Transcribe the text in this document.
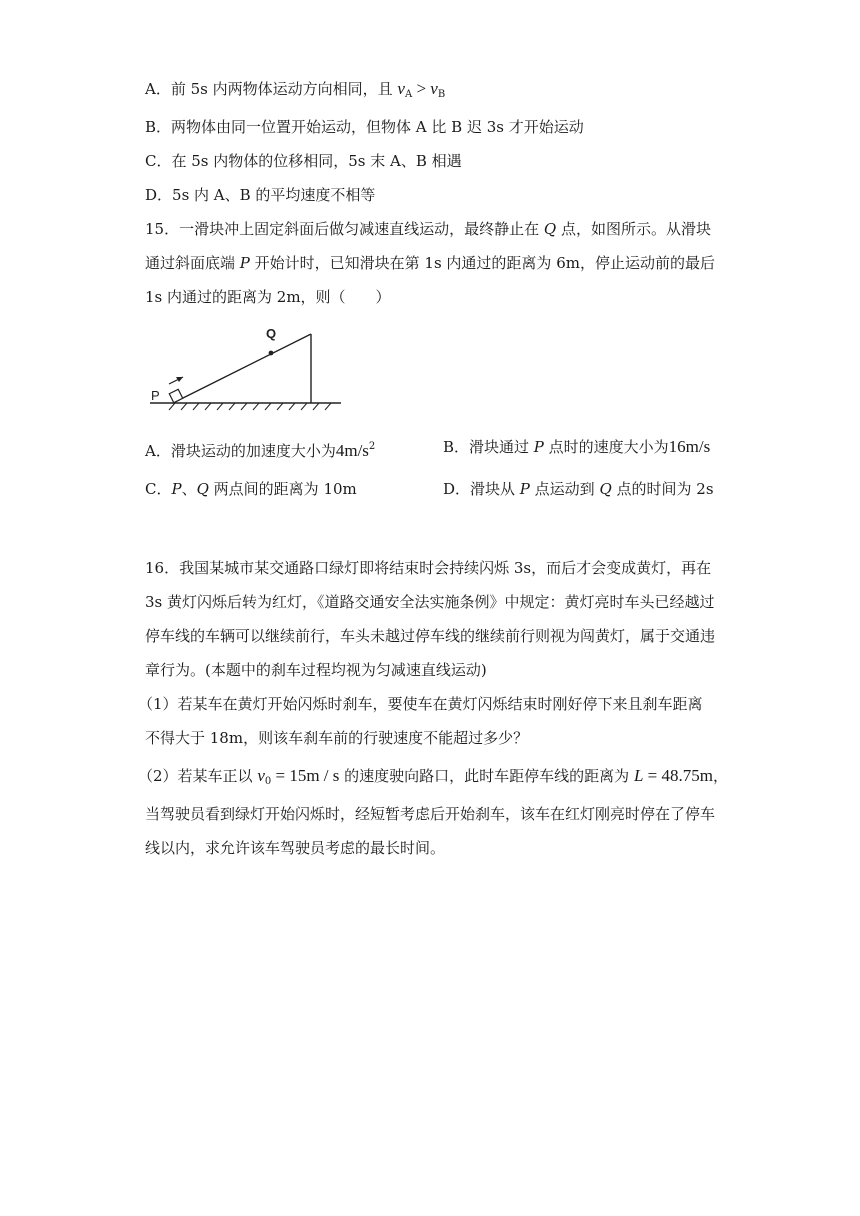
A．前 5s 内两物体运动方向相同，且 $v_A > v_B$
B．两物体由同一位置开始运动，但物体 A 比 B 迟 3s 才开始运动
C．在 5s 内物体的位移相同，5s 末 A、B 相遇
D．5s 内 A、B 的平均速度不相等
15．一滑块冲上固定斜面后做匀减速直线运动，最终静止在 Q 点，如图所示。从滑块
通过斜面底端 P 开始计时，已知滑块在第 1s 内通过的距离为 6m，停止运动前的最后
1s 内通过的距离为 2m，则（　　）
Q
P
A．滑块运动的加速度大小为$4m/s^2$	B．滑块通过 P 点时的速度大小为16m/s
C．P、Q 两点间的距离为 10m	D．滑块从 P 点运动到 Q 点的时间为 2s
16．我国某城市某交通路口绿灯即将结束时会持续闪烁 3s，而后才会变成黄灯，再在
3s 黄灯闪烁后转为红灯，《道路交通安全法实施条例》中规定：黄灯亮时车头已经越过
停车线的车辆可以继续前行，车头未越过停车线的继续前行则视为闯黄灯，属于交通违
章行为。(本题中的刹车过程均视为匀减速直线运动)
（1）若某车在黄灯开始闪烁时刹车，要使车在黄灯闪烁结束时刚好停下来且刹车距离
不得大于 18m，则该车刹车前的行驶速度不能超过多少？
（2）若某车正以 $v_0 = 15m / s$ 的速度驶向路口，此时车距停车线的距离为 L = 48.75m，
当驾驶员看到绿灯开始闪烁时，经短暂考虑后开始刹车，该车在红灯刚亮时停在了停车
线以内，求允许该车驾驶员考虑的最长时间。
